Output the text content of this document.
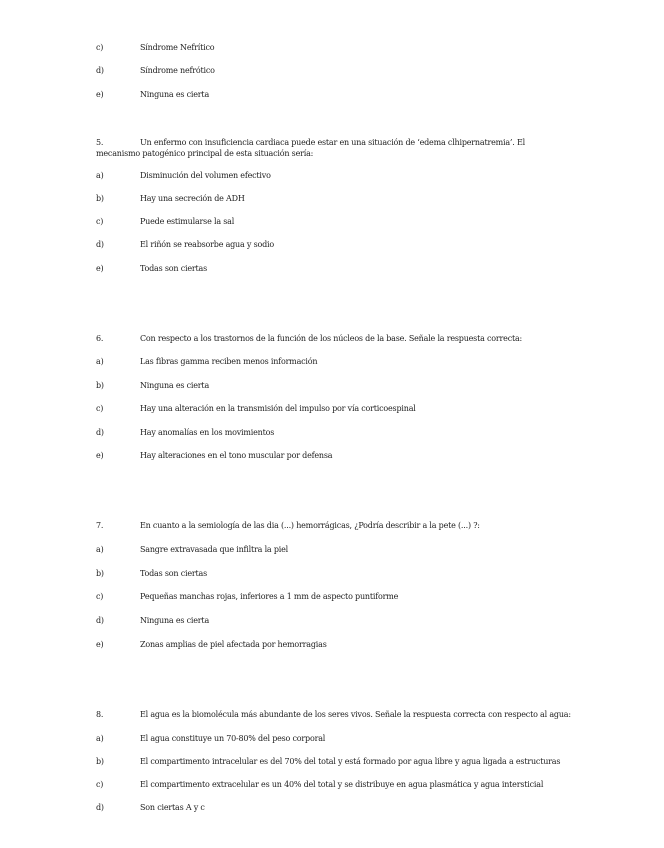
c)	Síndrome Nefrítico
d)	Síndrome nefrótico
e)	Ninguna es cierta
5.	Un enfermo con insuficiencia cardiaca puede estar en una situación de ‘edema clhipernatremia’. El
mecanismo patogénico principal de esta situación sería:
a)	Disminución del volumen efectivo
b)	Hay una secreción de ADH
c)	Puede estimularse la sal
d)	El riñón se reabsorbe agua y sodio
e)	Todas son ciertas
6.	Con respecto a los trastornos de la función de los núcleos de la base. Señale la respuesta correcta:
a)	Las fibras gamma reciben menos información
b)	Ninguna es cierta
c)	Hay una alteración en la transmisión del impulso por vía corticoespinal
d)	Hay anomalías en los movimientos
e)	Hay alteraciones en el tono muscular por defensa
7.	En cuanto a la semiología de las dia (...) hemorrágicas, ¿Podría describir a la pete (...) ?:
a)	Sangre extravasada que infiltra la piel
b)	Todas son ciertas
c)	Pequeñas manchas rojas, inferiores a 1 mm de aspecto puntiforme
d)	Ninguna es cierta
e)	Zonas amplias de piel afectada por hemorragias
8.	El agua es la biomolécula más abundante de los seres vivos. Señale la respuesta correcta con respecto al agua:
a)	El agua constituye un 70-80% del peso corporal
b)	El compartimento intracelular es del 70% del total y está formado por agua libre y agua ligada a estructuras
c)	El compartimento extracelular es un 40% del total y se distribuye en agua plasmática y agua intersticial
d)	Son ciertas A y c
